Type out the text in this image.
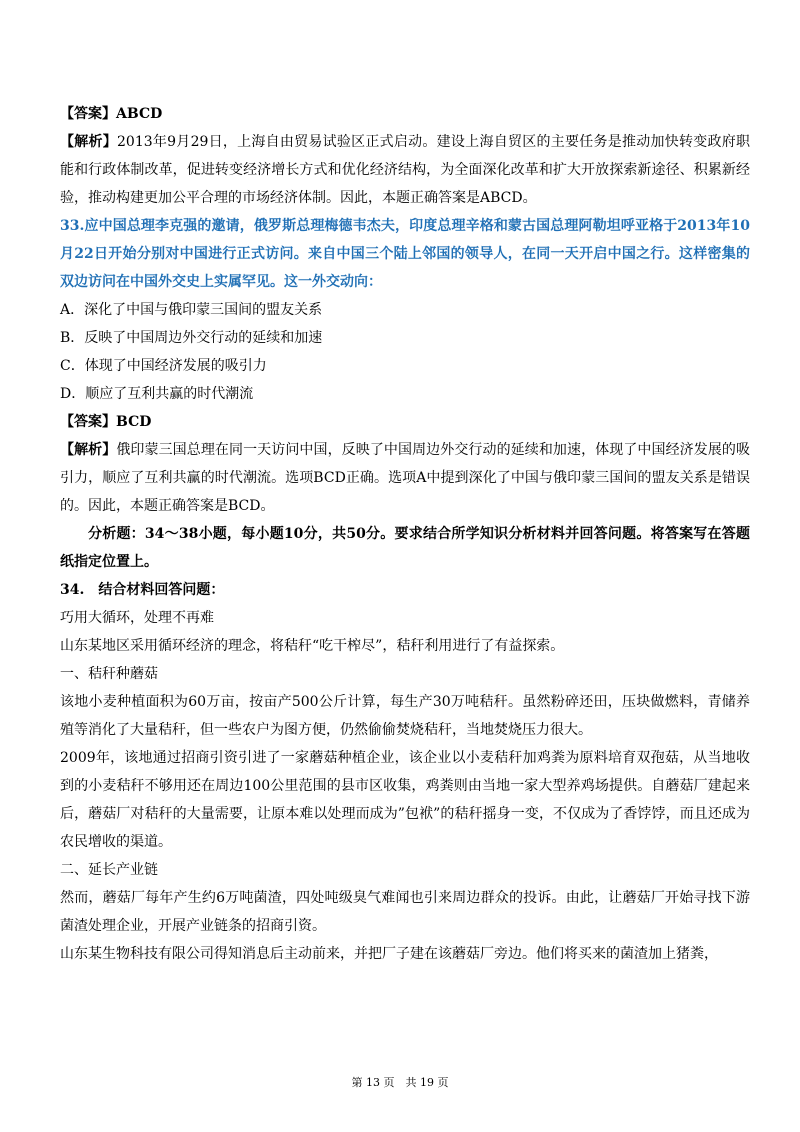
【答案】ABCD
【解析】2013年9月29日，上海自由贸易试验区正式启动。建设上海自贸区的主要任务是推动加快转变政府职能和行政体制改革，促进转变经济增长方式和优化经济结构，为全面深化改革和扩大开放探索新途径、积累新经验，推动构建更加公平合理的市场经济体制。因此，本题正确答案是ABCD。
33.应中国总理李克强的邀请，俄罗斯总理梅德韦杰夫，印度总理辛格和蒙古国总理阿勒坦呼亚格于2013年10月22日开始分别对中国进行正式访问。来自中国三个陆上邻国的领导人，在同一天开启中国之行。这样密集的双边访问在中国外交史上实属罕见。这一外交动向：
A．深化了中国与俄印蒙三国间的盟友关系
B．反映了中国周边外交行动的延续和加速
C．体现了中国经济发展的吸引力
D．顺应了互利共赢的时代潮流
【答案】BCD
【解析】俄印蒙三国总理在同一天访问中国，反映了中国周边外交行动的延续和加速，体现了中国经济发展的吸引力，顺应了互利共赢的时代潮流。选项BCD正确。选项A中提到深化了中国与俄印蒙三国间的盟友关系是错误的。因此，本题正确答案是BCD。
分析题：34～38小题，每小题10分，共50分。要求结合所学知识分析材料并回答问题。将答案写在答题纸指定位置上。
34.　结合材料回答问题：
巧用大循环，处理不再难
山东某地区采用循环经济的理念，将秸秆“吃干榨尽”，秸秆利用进行了有益探索。
一、秸秆种蘑菇
该地小麦种植面积为60万亩，按亩产500公斤计算，每生产30万吨秸秆。虽然粉碎还田，压块做燃料，青储养殖等消化了大量秸秆，但一些农户为图方便，仍然偷偷焚烧秸秆，当地焚烧压力很大。
2009年，该地通过招商引资引进了一家蘑菇种植企业，该企业以小麦秸秆加鸡粪为原料培育双孢菇，从当地收到的小麦秸秆不够用还在周边100公里范围的县市区收集，鸡粪则由当地一家大型养鸡场提供。自蘑菇厂建起来后，蘑菇厂对秸秆的大量需要，让原本难以处理而成为”包袱”的秸秆摇身一变，不仅成为了香饽饽，而且还成为农民增收的渠道。
二、延长产业链
然而，蘑菇厂每年产生约6万吨菌渣，四处吨级臭气难闻也引来周边群众的投诉。由此，让蘑菇厂开始寻找下游菌渣处理企业，开展产业链条的招商引资。
山东某生物科技有限公司得知消息后主动前来，并把厂子建在该蘑菇厂旁边。他们将买来的菌渣加上猪粪，
第 13 页　共 19 页
